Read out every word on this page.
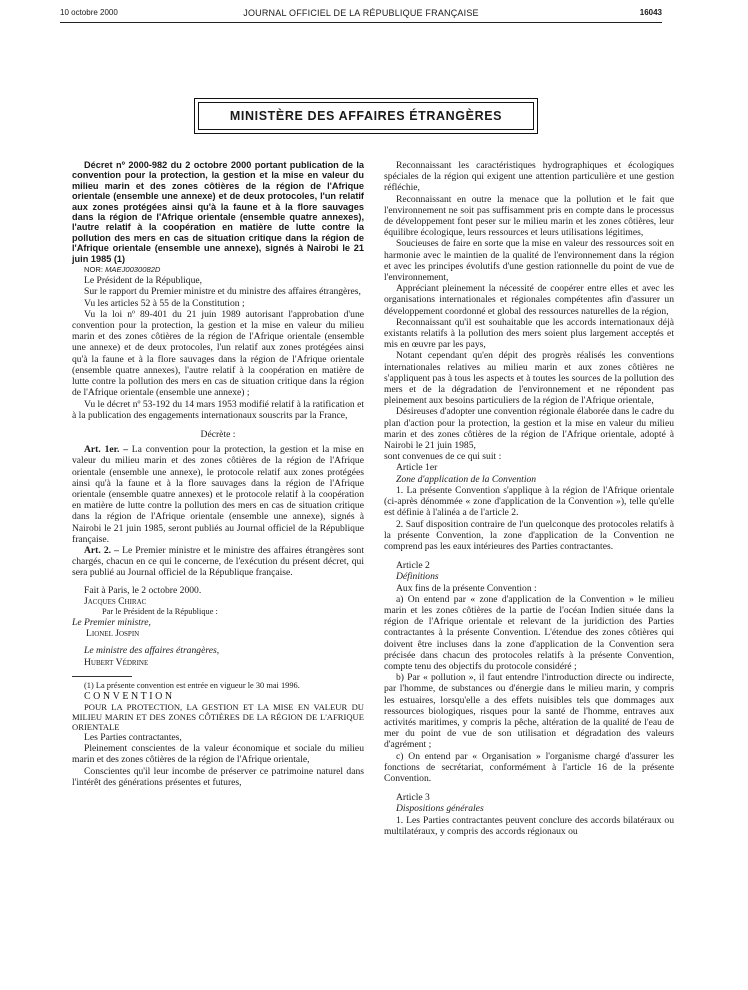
10 octobre 2000	JOURNAL OFFICIEL DE LA RÉPUBLIQUE FRANÇAISE	16043
MINISTÈRE DES AFFAIRES ÉTRANGÈRES

Décret nº 2000-982 du 2 octobre 2000 portant publication de la convention pour la protection, la gestion et la mise en valeur du milieu marin et des zones côtières de la région de l'Afrique orientale (ensemble une annexe) et de deux protocoles, l'un relatif aux zones protégées ainsi qu'à la faune et à la flore sauvages dans la région de l'Afrique orientale (ensemble quatre annexes), l'autre relatif à la coopération en matière de lutte contre la pollution des mers en cas de situation critique dans la région de l'Afrique orientale (ensemble une annexe), signés à Nairobi le 21 juin 1985 (1)

NOR: MAEJ0030082D

Le Président de la République,

Sur le rapport du Premier ministre et du ministre des affaires étrangères,

Vu les articles 52 à 55 de la Constitution ;

Vu la loi nº 89-401 du 21 juin 1989 autorisant l'approbation d'une convention pour la protection, la gestion et la mise en valeur du milieu marin et des zones côtières de la région de l'Afrique orientale (ensemble une annexe) et de deux protocoles, l'un relatif aux zones protégées ainsi qu'à la faune et à la flore sauvages dans la région de l'Afrique orientale (ensemble quatre annexes), l'autre relatif à la coopération en matière de lutte contre la pollution des mers en cas de situation critique dans la région de l'Afrique orientale (ensemble une annexe) ;

Vu le décret nº 53-192 du 14 mars 1953 modifié relatif à la ratification et à la publication des engagements internationaux souscrits par la France,

Décrète :

Art. 1er. – La convention pour la protection, la gestion et la mise en valeur du milieu marin et des zones côtières de la région de l'Afrique orientale (ensemble une annexe), le protocole relatif aux zones protégées ainsi qu'à la faune et à la flore sauvages dans la région de l'Afrique orientale (ensemble quatre annexes) et le protocole relatif à la coopération en matière de lutte contre la pollution des mers en cas de situation critique dans la région de l'Afrique orientale (ensemble une annexe), signés à Nairobi le 21 juin 1985, seront publiés au Journal officiel de la République française.

Art. 2. – Le Premier ministre et le ministre des affaires étrangères sont chargés, chacun en ce qui le concerne, de l'exécution du présent décret, qui sera publié au Journal officiel de la République française.

Fait à Paris, le 2 octobre 2000.

Jacques Chirac

Par le Président de la République :

Le Premier ministre,

Lionel Jospin

Le ministre des affaires étrangères,

Hubert Védrine

(1) La présente convention est entrée en vigueur le 30 mai 1996.

CONVENTION

POUR LA PROTECTION, LA GESTION ET LA MISE EN VALEUR DU MILIEU MARIN ET DES ZONES CÔTIÈRES DE LA RÉGION DE L'AFRIQUE ORIENTALE

Les Parties contractantes,

Pleinement conscientes de la valeur économique et sociale du milieu marin et des zones côtières de la région de l'Afrique orientale,

Conscientes qu'il leur incombe de préserver ce patrimoine naturel dans l'intérêt des générations présentes et futures,

Reconnaissant les caractéristiques hydrographiques et écologiques spéciales de la région qui exigent une attention particulière et une gestion réfléchie,

Reconnaissant en outre la menace que la pollution et le fait que l'environnement ne soit pas suffisamment pris en compte dans le processus de développement font peser sur le milieu marin et les zones côtières, leur équilibre écologique, leurs ressources et leurs utilisations légitimes,

Soucieuses de faire en sorte que la mise en valeur des ressources soit en harmonie avec le maintien de la qualité de l'environnement dans la région et avec les principes évolutifs d'une gestion rationnelle du point de vue de l'environnement,

Appréciant pleinement la nécessité de coopérer entre elles et avec les organisations internationales et régionales compétentes afin d'assurer un développement coordonné et global des ressources naturelles de la région,

Reconnaissant qu'il est souhaitable que les accords internationaux déjà existants relatifs à la pollution des mers soient plus largement acceptés et mis en œuvre par les pays,

Notant cependant qu'en dépit des progrès réalisés les conventions internationales relatives au milieu marin et aux zones côtières ne s'appliquent pas à tous les aspects et à toutes les sources de la pollution des mers et de la dégradation de l'environnement et ne répondent pas pleinement aux besoins particuliers de la région de l'Afrique orientale,

Désireuses d'adopter une convention régionale élaborée dans le cadre du plan d'action pour la protection, la gestion et la mise en valeur du milieu marin et des zones côtières de la région de l'Afrique orientale, adopté à Nairobi le 21 juin 1985,

sont convenues de ce qui suit :

Article 1er

Zone d'application de la Convention

1. La présente Convention s'applique à la région de l'Afrique orientale (ci-après dénommée « zone d'application de la Convention »), telle qu'elle est définie à l'alinéa a de l'article 2.

2. Sauf disposition contraire de l'un quelconque des protocoles relatifs à la présente Convention, la zone d'application de la Convention ne comprend pas les eaux intérieures des Parties contractantes.

Article 2

Définitions

Aux fins de la présente Convention :

a) On entend par « zone d'application de la Convention » le milieu marin et les zones côtières de la partie de l'océan Indien située dans la région de l'Afrique orientale et relevant de la juridiction des Parties contractantes à la présente Convention. L'étendue des zones côtières qui doivent être incluses dans la zone d'application de la Convention sera précisée dans chacun des protocoles relatifs à la présente Convention, compte tenu des objectifs du protocole considéré ;

b) Par « pollution », il faut entendre l'introduction directe ou indirecte, par l'homme, de substances ou d'énergie dans le milieu marin, y compris les estuaires, lorsqu'elle a des effets nuisibles tels que dommages aux ressources biologiques, risques pour la santé de l'homme, entraves aux activités maritimes, y compris la pêche, altération de la qualité de l'eau de mer du point de vue de son utilisation et dégradation des valeurs d'agrément ;

c) On entend par « Organisation » l'organisme chargé d'assurer les fonctions de secrétariat, conformément à l'article 16 de la présente Convention.

Article 3

Dispositions générales

1. Les Parties contractantes peuvent conclure des accords bilatéraux ou multilatéraux, y compris des accords régionaux ou
